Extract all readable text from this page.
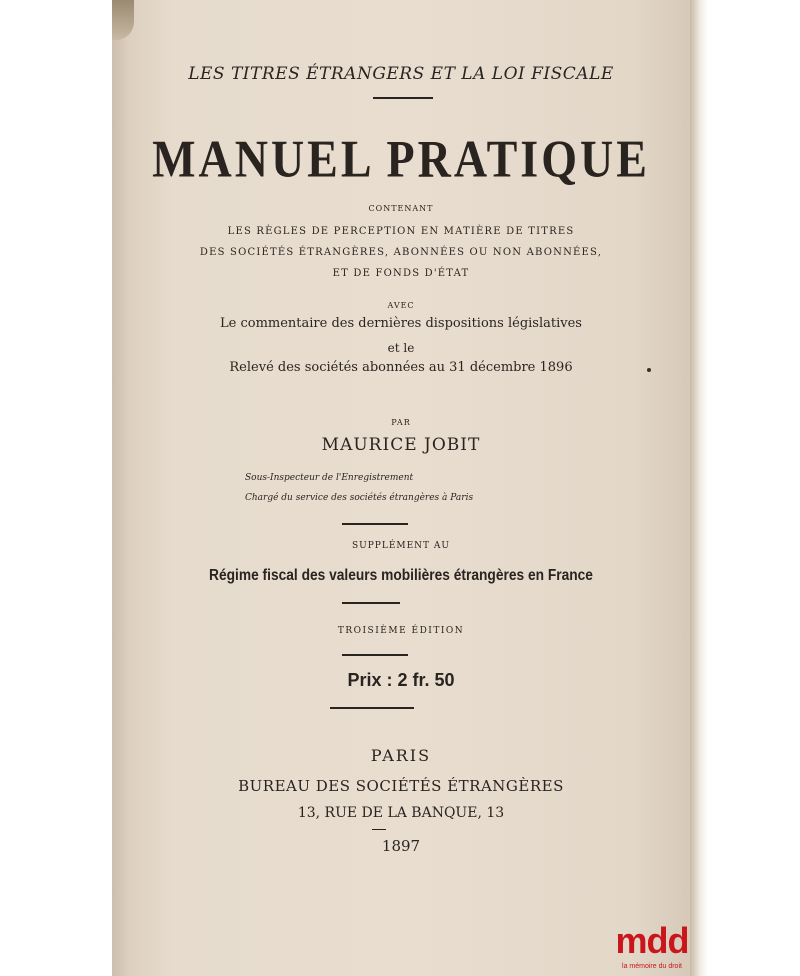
LES TITRES ÉTRANGERS ET LA LOI FISCALE

MANUEL PRATIQUE

CONTENANT

LES RÈGLES DE PERCEPTION EN MATIÈRE DE TITRES

DES SOCIÉTÉS ÉTRANGÈRES, ABONNÉES OU NON ABONNÉES,

ET DE FONDS D'ÉTAT

AVEC

Le commentaire des dernières dispositions législatives

et le

Relevé des sociétés abonnées au 31 décembre 1896

PAR

MAURICE JOBIT

Sous-Inspecteur de l'Enregistrement

Chargé du service des sociétés étrangères à Paris

SUPPLÉMENT AU

Régime fiscal des valeurs mobilières étrangères en France

TROISIÈME ÉDITION

Prix : 2 fr. 50

PARIS

BUREAU DES SOCIÉTÉS ÉTRANGÈRES

13, RUE DE LA BANQUE, 13

1897

mdd
la mémoire du droit
